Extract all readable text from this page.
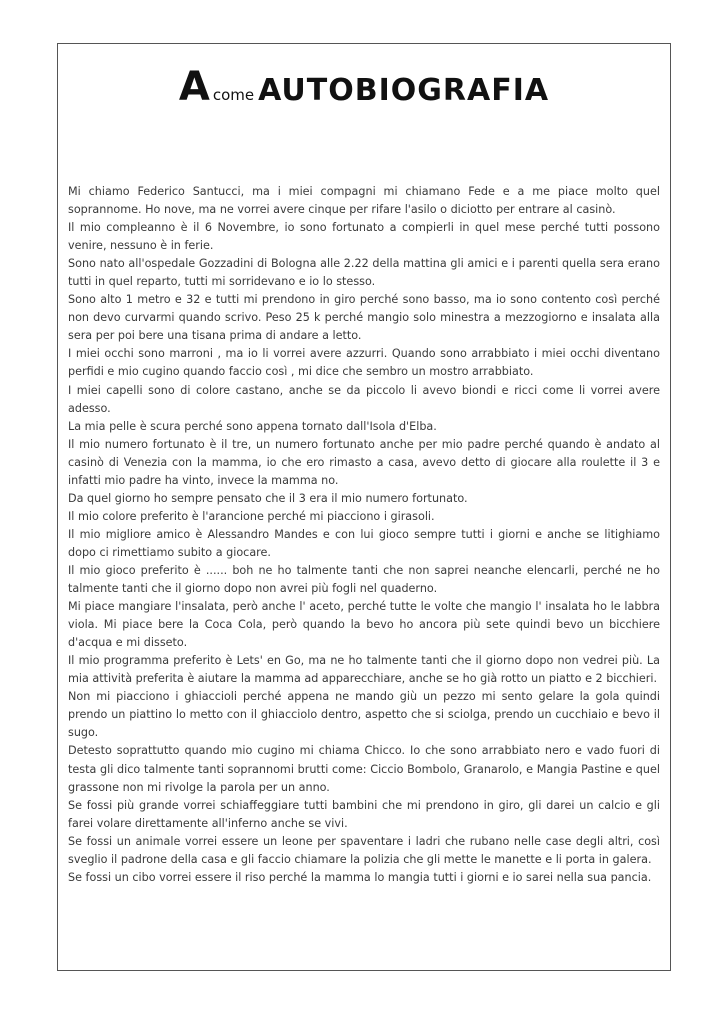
Acome AUTOBIOGRAFIA

Mi chiamo Federico Santucci, ma i miei compagni mi chiamano Fede e a me piace molto quel soprannome. Ho nove, ma ne vorrei avere cinque per rifare l'asilo o diciotto per entrare al casinò.

Il mio compleanno è il 6 Novembre, io sono fortunato a compierli in quel mese perché tutti possono venire, nessuno è in ferie.

Sono nato all'ospedale Gozzadini di Bologna alle 2.22 della mattina gli amici e i parenti quella sera erano tutti in quel reparto, tutti mi sorridevano e io lo stesso.

Sono alto 1 metro e 32 e tutti mi prendono in giro perché sono basso, ma io sono contento così perché non devo curvarmi quando scrivo. Peso 25 k perché mangio solo minestra a mezzogiorno e insalata alla sera per poi bere una tisana prima di andare a letto.

I miei occhi sono marroni , ma io li vorrei avere azzurri. Quando sono arrabbiato i miei occhi diventano perfidi e mio cugino quando faccio così , mi dice che sembro un mostro arrabbiato.

I miei capelli sono di colore castano, anche se da piccolo li avevo biondi e ricci come li vorrei avere adesso.

La mia pelle è scura perché sono appena tornato dall'Isola d'Elba.

Il mio numero fortunato è il tre, un numero fortunato anche per mio padre perché quando è andato al casinò di Venezia con la mamma, io che ero rimasto a casa, avevo detto di giocare alla roulette il 3 e infatti mio padre ha vinto, invece la mamma no.

Da quel giorno ho sempre pensato che il 3 era il mio numero fortunato.

Il mio colore preferito è l'arancione perché mi piacciono i girasoli.

Il mio migliore amico è Alessandro Mandes e con lui gioco sempre tutti i giorni e anche se litighiamo dopo ci rimettiamo subito a giocare.

Il mio gioco preferito è ...... boh ne ho talmente tanti che non saprei neanche elencarli, perché ne ho talmente tanti che il giorno dopo non avrei più fogli nel quaderno.

Mi piace mangiare l'insalata, però anche l' aceto, perché tutte le volte che mangio l' insalata ho le labbra viola. Mi piace bere la Coca Cola, però quando la bevo ho ancora più sete quindi bevo un bicchiere d'acqua e mi disseto.

Il mio programma preferito è Lets' en Go, ma ne ho talmente tanti che il giorno dopo non vedrei più. La mia attività preferita è aiutare la mamma ad apparecchiare, anche se ho già rotto un piatto e 2 bicchieri.

Non mi piacciono i ghiaccioli perché appena ne mando giù un pezzo mi sento gelare la gola quindi prendo un piattino lo metto con il ghiacciolo dentro, aspetto che si sciolga, prendo un cucchiaio e bevo il sugo.

Detesto soprattutto quando mio cugino mi chiama Chicco. Io che sono arrabbiato nero e vado fuori di testa gli dico talmente tanti soprannomi brutti come: Ciccio Bombolo, Granarolo, e Mangia Pastine e quel grassone non mi rivolge la parola per un anno.

Se fossi più grande vorrei schiaffeggiare tutti bambini che mi prendono in giro, gli darei un calcio e gli farei volare direttamente all'inferno anche se vivi.

Se fossi un animale vorrei essere un leone per spaventare i ladri che rubano nelle case degli altri, così sveglio il padrone della casa e gli faccio chiamare la polizia che gli mette le manette e li porta in galera.

Se fossi un cibo vorrei essere il riso perché la mamma lo mangia tutti i giorni e io sarei nella sua pancia.
